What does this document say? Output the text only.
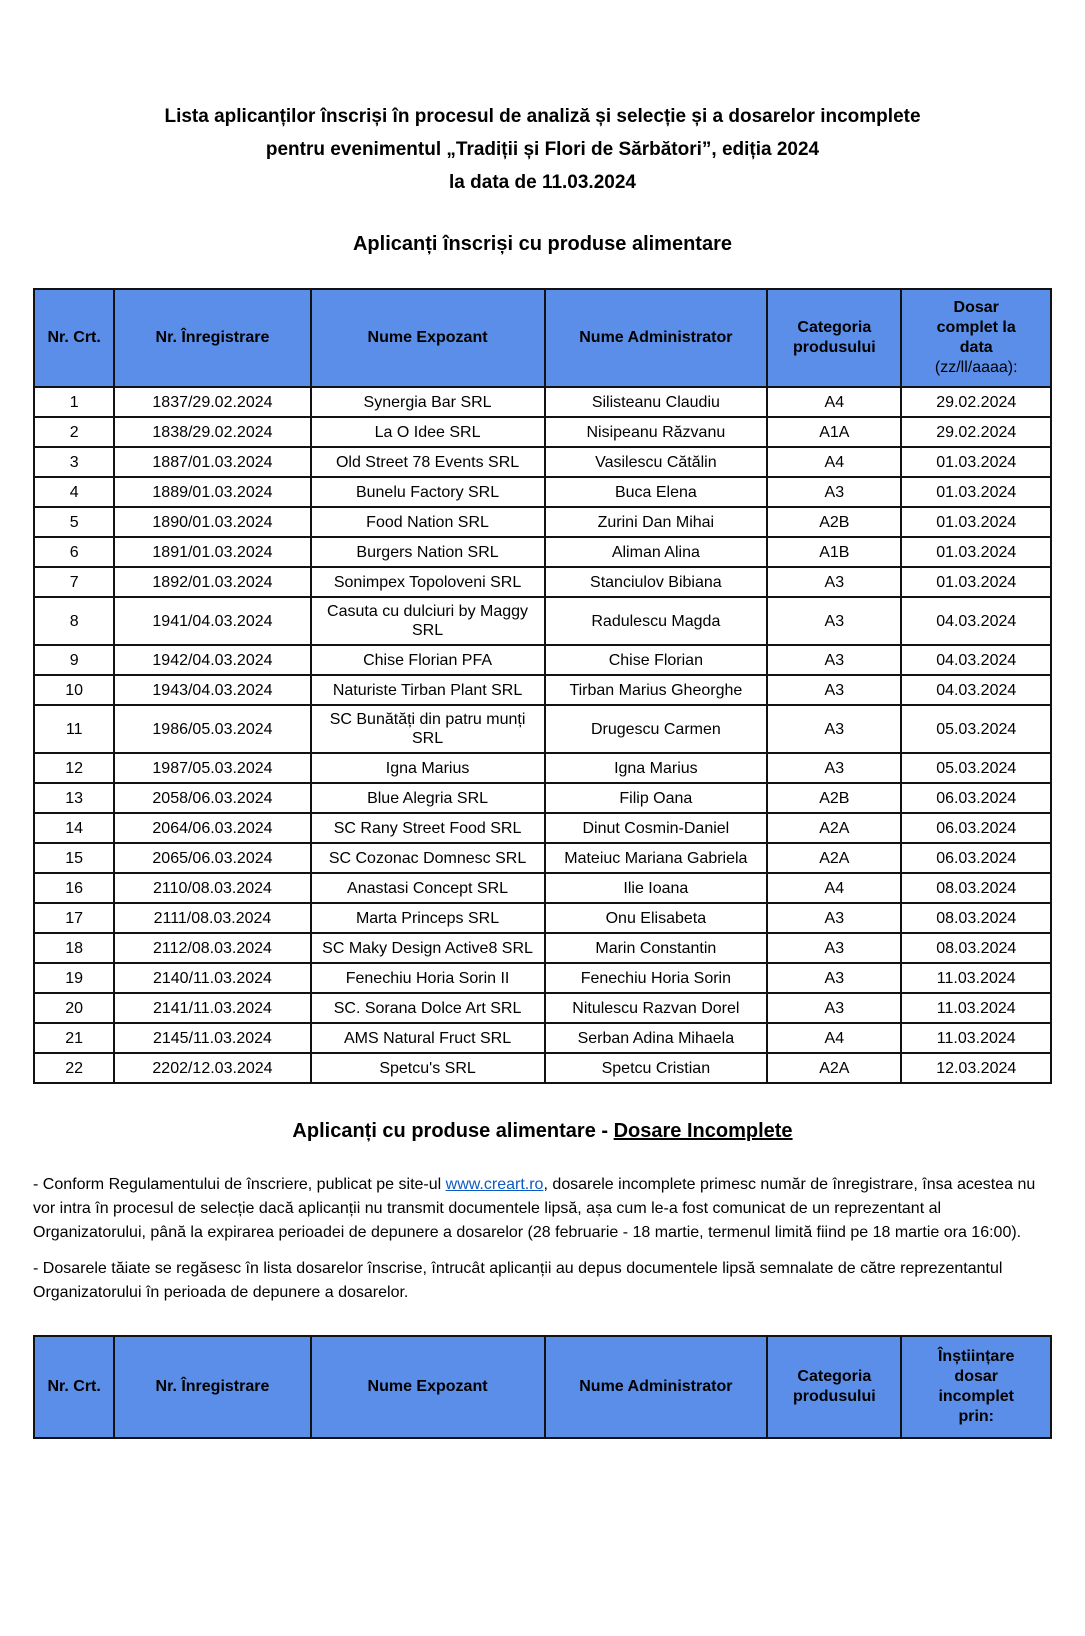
Lista aplicanților înscriși în procesul de analiză și selecție și a dosarelor incomplete
pentru evenimentul „Tradiții și Flori de Sărbători”, ediția 2024
la data de 11.03.2024
Aplicanți înscriși cu produse alimentare
Nr. Crt.	Nr. Înregistrare	Nume Expozant	Nume Administrator	Categoria produsului	Dosar complet la data (zz/ll/aaaa):
1	1837/29.02.2024	Synergia Bar SRL	Silisteanu Claudiu	A4	29.02.2024
2	1838/29.02.2024	La O Idee SRL	Nisipeanu Răzvanu	A1A	29.02.2024
3	1887/01.03.2024	Old Street 78 Events SRL	Vasilescu Cătălin	A4	01.03.2024
4	1889/01.03.2024	Bunelu Factory SRL	Buca Elena	A3	01.03.2024
5	1890/01.03.2024	Food Nation SRL	Zurini Dan Mihai	A2B	01.03.2024
6	1891/01.03.2024	Burgers Nation SRL	Aliman Alina	A1B	01.03.2024
7	1892/01.03.2024	Sonimpex Topoloveni SRL	Stanciulov Bibiana	A3	01.03.2024
8	1941/04.03.2024	Casuta cu dulciuri by Maggy SRL	Radulescu Magda	A3	04.03.2024
9	1942/04.03.2024	Chise Florian PFA	Chise Florian	A3	04.03.2024
10	1943/04.03.2024	Naturiste Tirban Plant SRL	Tirban Marius Gheorghe	A3	04.03.2024
11	1986/05.03.2024	SC Bunătăți din patru munți SRL	Drugescu Carmen	A3	05.03.2024
12	1987/05.03.2024	Igna Marius	Igna Marius	A3	05.03.2024
13	2058/06.03.2024	Blue Alegria SRL	Filip Oana	A2B	06.03.2024
14	2064/06.03.2024	SC Rany Street Food SRL	Dinut Cosmin-Daniel	A2A	06.03.2024
15	2065/06.03.2024	SC Cozonac Domnesc SRL	Mateiuc Mariana Gabriela	A2A	06.03.2024
16	2110/08.03.2024	Anastasi Concept SRL	Ilie Ioana	A4	08.03.2024
17	2111/08.03.2024	Marta Princeps SRL	Onu Elisabeta	A3	08.03.2024
18	2112/08.03.2024	SC Maky Design Active8 SRL	Marin Constantin	A3	08.03.2024
19	2140/11.03.2024	Fenechiu Horia Sorin II	Fenechiu Horia Sorin	A3	11.03.2024
20	2141/11.03.2024	SC. Sorana Dolce Art SRL	Nitulescu Razvan Dorel	A3	11.03.2024
21	2145/11.03.2024	AMS Natural Fruct SRL	Serban Adina Mihaela	A4	11.03.2024
22	2202/12.03.2024	Spetcu's SRL	Spetcu Cristian	A2A	12.03.2024
Aplicanți cu produse alimentare - Dosare Incomplete

- Conform Regulamentului de înscriere, publicat pe site-ul www.creart.ro, dosarele incomplete primesc număr de înregistrare, însa acestea nu vor intra în procesul de selecție dacă aplicanții nu transmit documentele lipsă, așa cum le-a fost comunicat de un reprezentant al Organizatorului, până la expirarea perioadei de depunere a dosarelor (28 februarie - 18 martie, termenul limită fiind pe 18 martie ora 16:00).

- Dosarele tăiate se regăsesc în lista dosarelor înscrise, întrucât aplicanții au depus documentele lipsă semnalate de către reprezentantul Organizatorului în perioada de depunere a dosarelor.

Nr. Crt.	Nr. Înregistrare	Nume Expozant	Nume Administrator	Categoria produsului	Înștiințare dosar incomplet prin:
